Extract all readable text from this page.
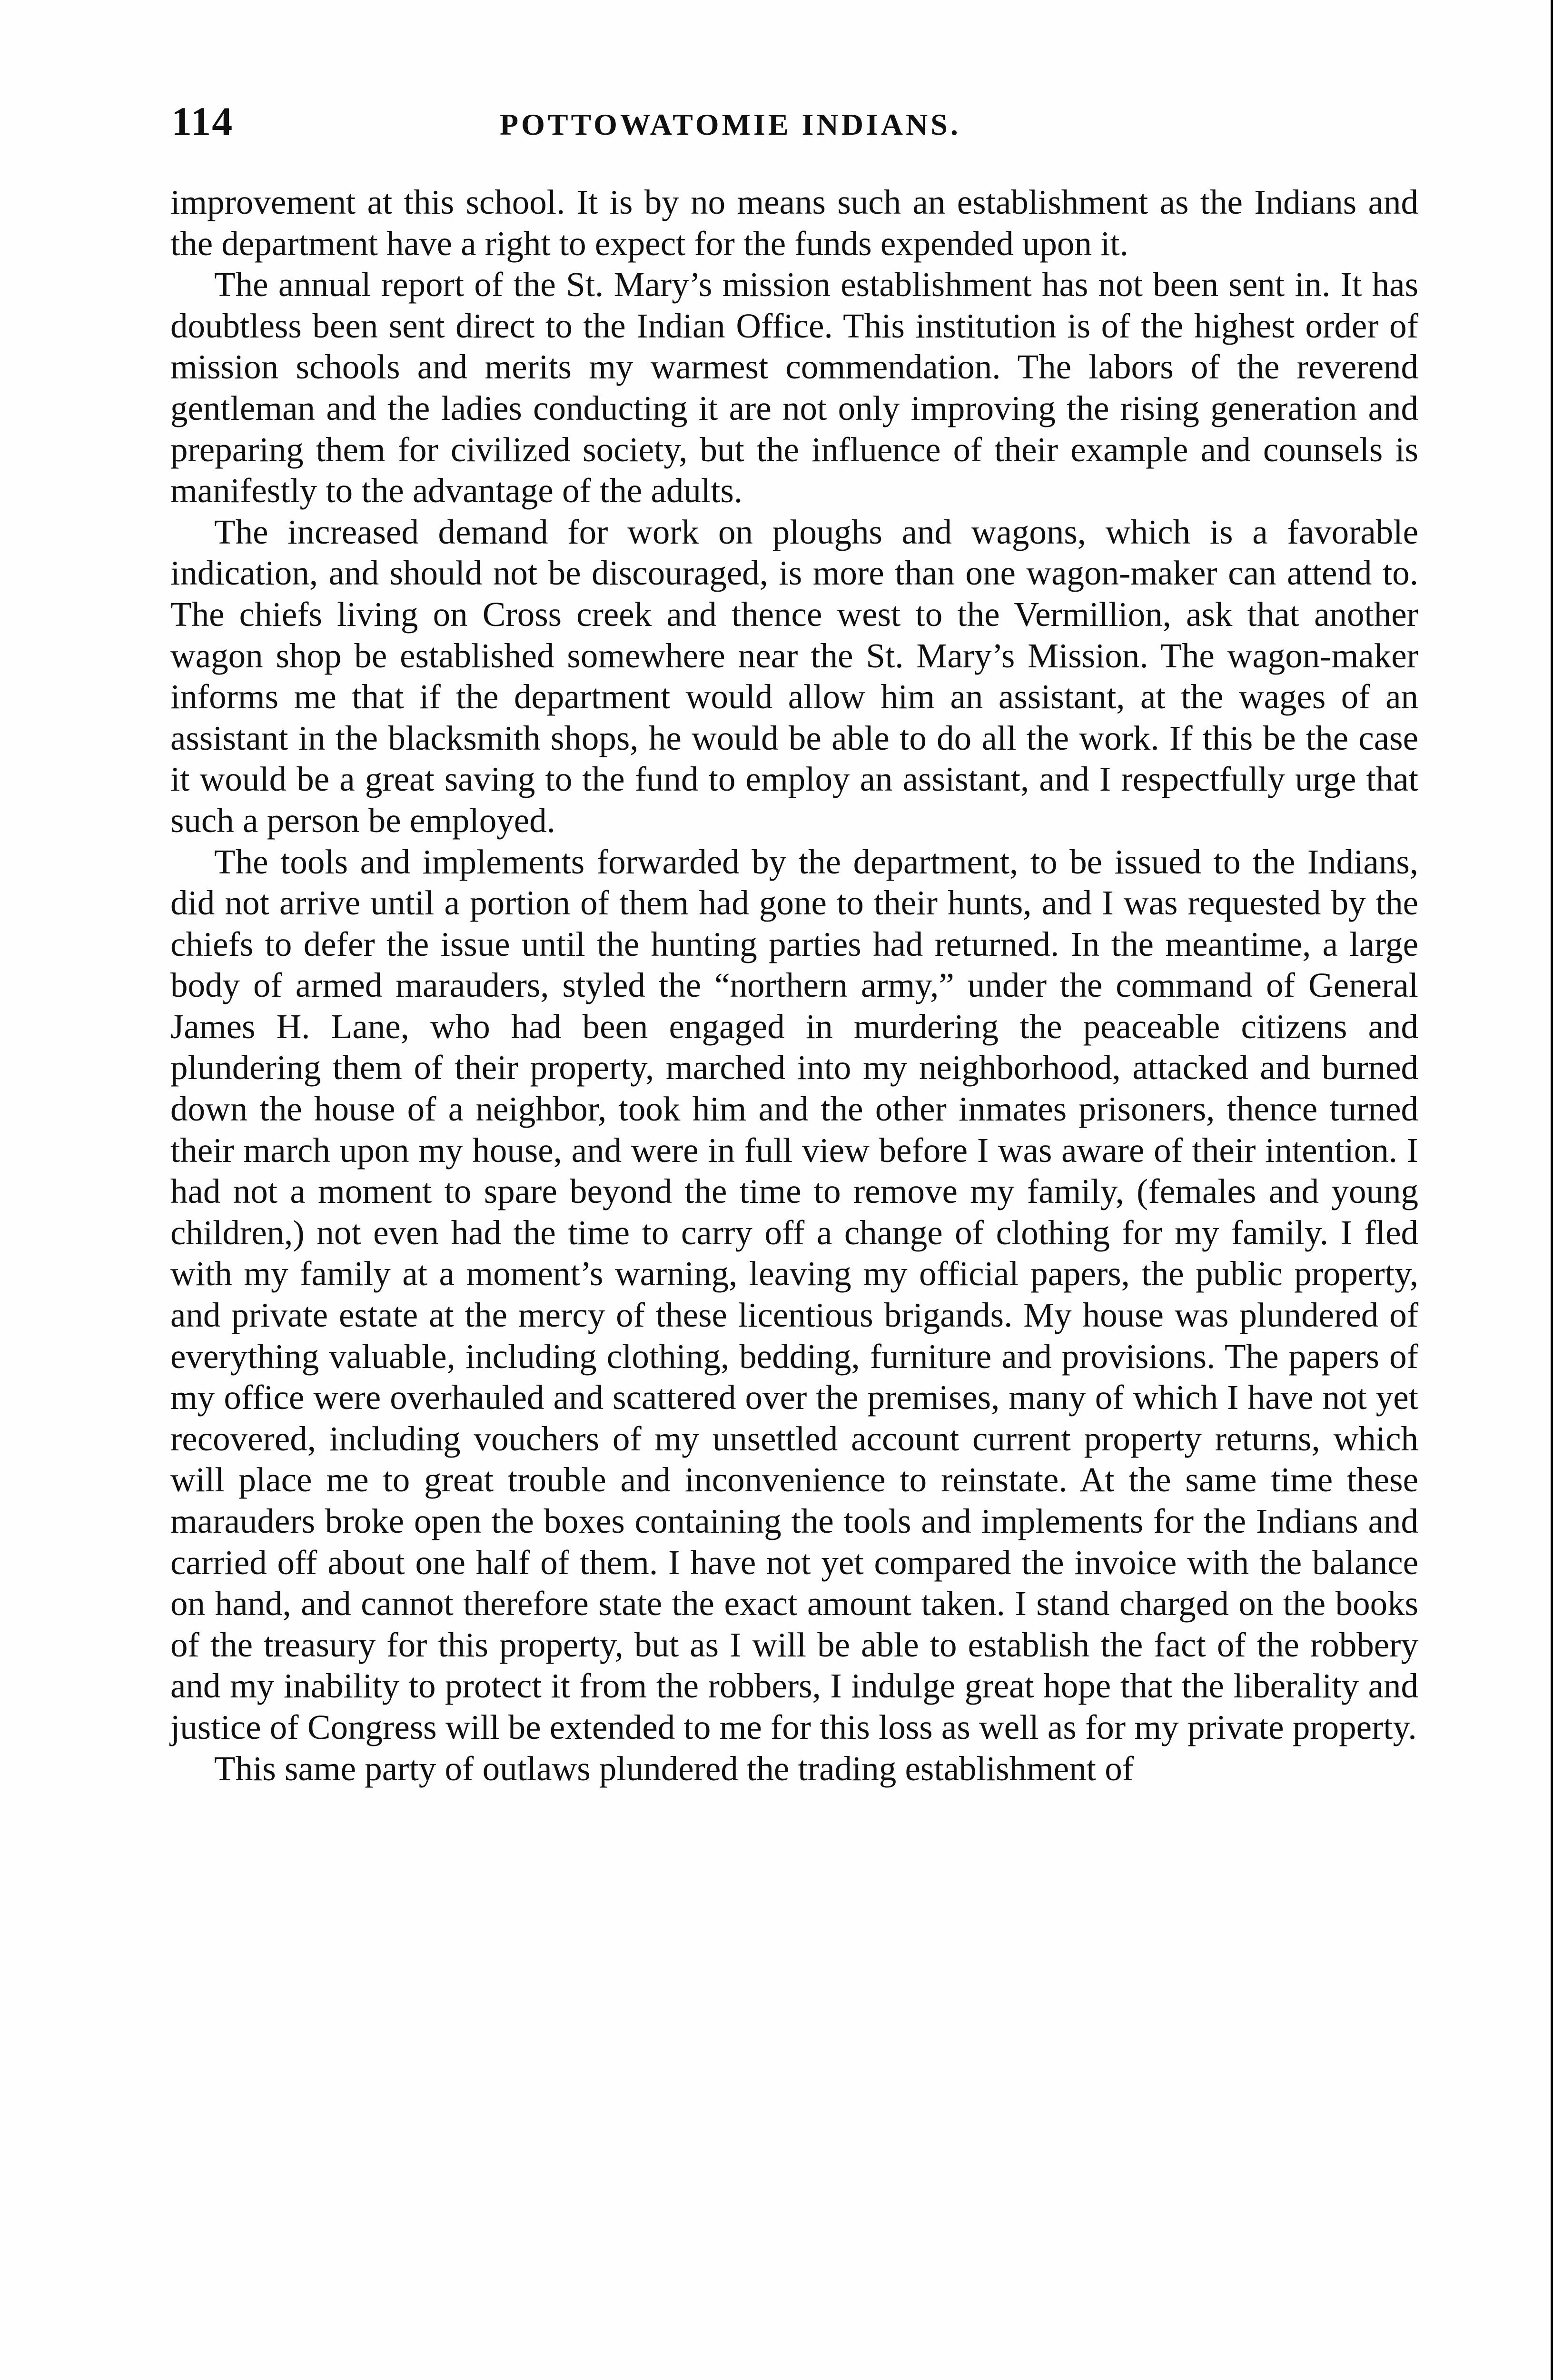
114	POTTOWATOMIE INDIANS.

improvement at this school. It is by no means such an establishment as the Indians and the department have a right to expect for the funds expended upon it.

The annual report of the St. Mary’s mission establishment has not been sent in. It has doubtless been sent direct to the Indian Office. This institution is of the highest order of mission schools and merits my warmest commendation. The labors of the reverend gentleman and the ladies conducting it are not only improving the rising generation and preparing them for civilized society, but the influence of their example and counsels is manifestly to the advantage of the adults.

The increased demand for work on ploughs and wagons, which is a favorable indication, and should not be discouraged, is more than one wagon-maker can attend to. The chiefs living on Cross creek and thence west to the Vermillion, ask that another wagon shop be established somewhere near the St. Mary’s Mission. The wagon-maker informs me that if the department would allow him an assistant, at the wages of an assistant in the blacksmith shops, he would be able to do all the work. If this be the case it would be a great saving to the fund to employ an assistant, and I respectfully urge that such a person be employed.

The tools and implements forwarded by the department, to be issued to the Indians, did not arrive until a portion of them had gone to their hunts, and I was requested by the chiefs to defer the issue until the hunting parties had returned. In the meantime, a large body of armed marauders, styled the “northern army,” under the command of General James H. Lane, who had been engaged in murdering the peaceable citizens and plundering them of their property, marched into my neighborhood, attacked and burned down the house of a neighbor, took him and the other inmates prisoners, thence turned their march upon my house, and were in full view before I was aware of their intention. I had not a moment to spare beyond the time to remove my family, (females and young children,) not even had the time to carry off a change of clothing for my family. I fled with my family at a moment’s warning, leaving my official papers, the public property, and private estate at the mercy of these licentious brigands. My house was plundered of everything valuable, including clothing, bedding, furniture and provisions. The papers of my office were overhauled and scattered over the premises, many of which I have not yet recovered, including vouchers of my unsettled account current property returns, which will place me to great trouble and inconvenience to reinstate. At the same time these marauders broke open the boxes containing the tools and implements for the Indians and carried off about one half of them. I have not yet compared the invoice with the balance on hand, and cannot therefore state the exact amount taken. I stand charged on the books of the treasury for this property, but as I will be able to establish the fact of the robbery and my inability to protect it from the robbers, I indulge great hope that the liberality and justice of Congress will be extended to me for this loss as well as for my private property.

This same party of outlaws plundered the trading establishment of
